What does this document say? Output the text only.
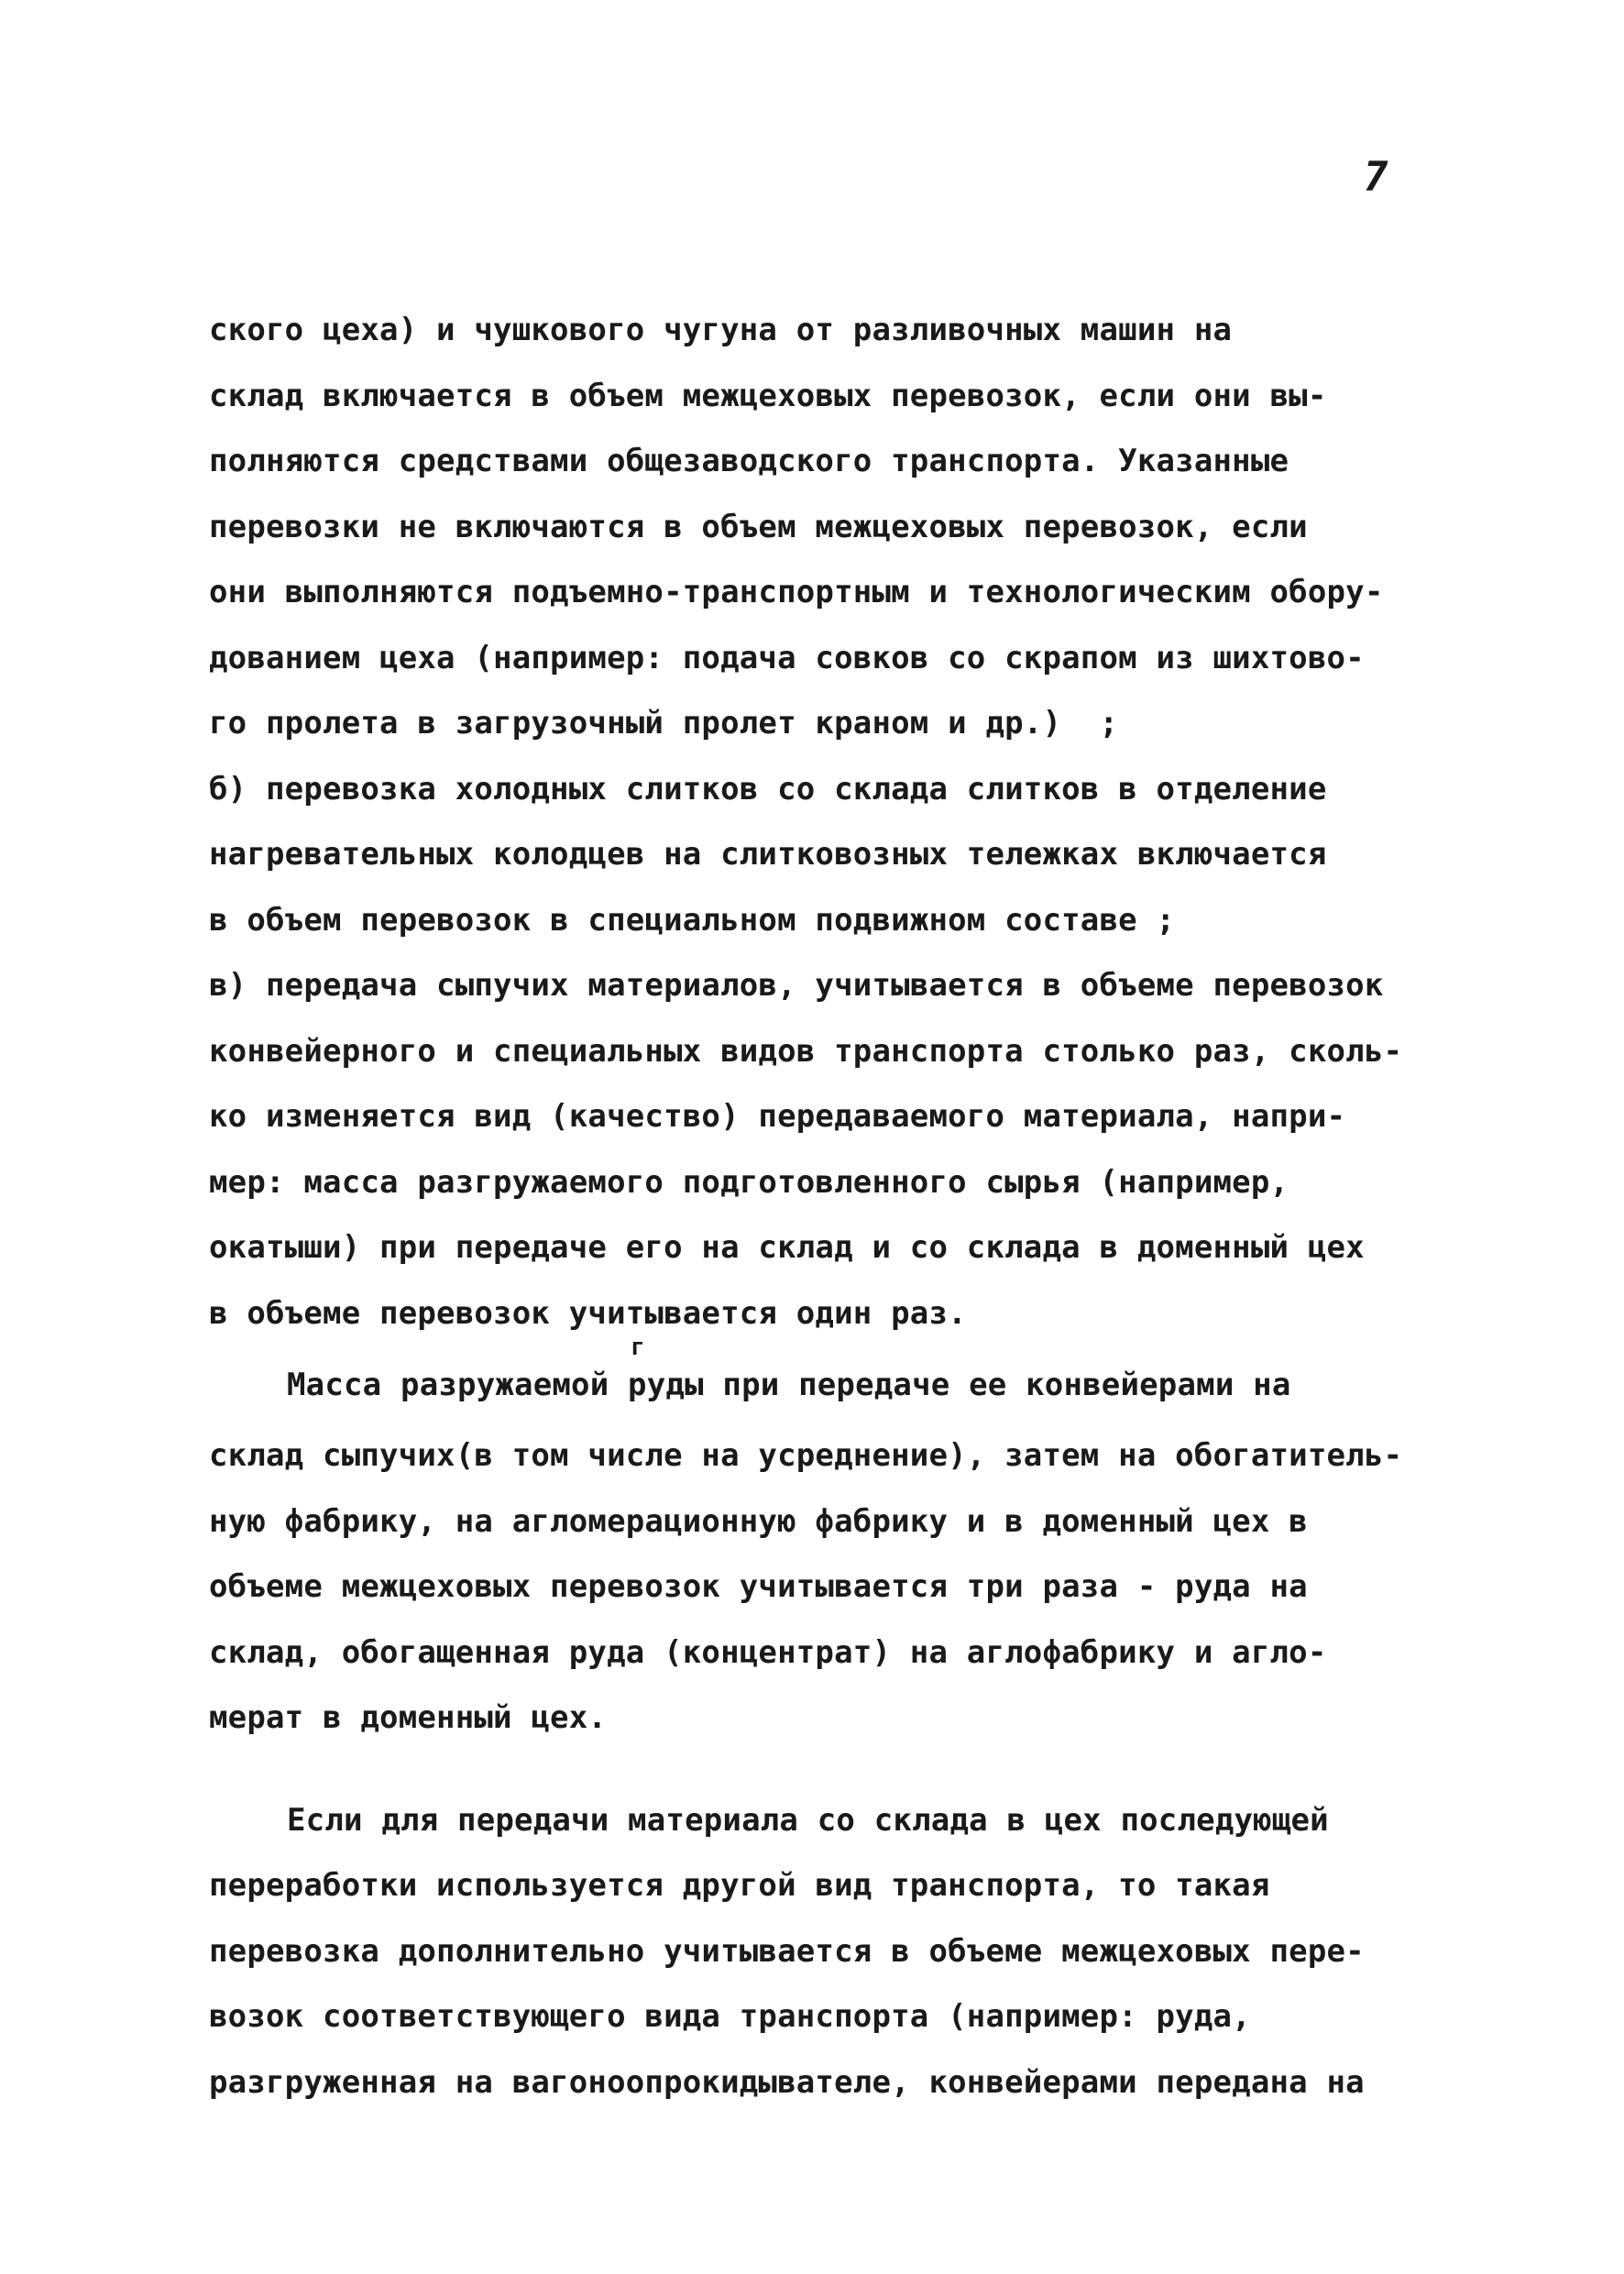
7
ского цеха) и чушкового чугуна от разливочных машин на
склад включается в объем межцеховых перевозок, если они вы-
полняются средствами общезаводского транспорта. Указанные
перевозки не включаются в объем межцеховых перевозок, если
они выполняются подъемно-транспортным и технологическим обору-
дованием цеха (например: подача совков со скрапом из шихтово-
го пролета в загрузочный пролет краном и др.)  ;
б) перевозка холодных слитков со склада слитков в отделение
нагревательных колодцев на слитковозных тележках включается
в объем перевозок в специальном подвижном составе ;
в) передача сыпучих материалов, учитывается в объеме перевозок
конвейерного и специальных видов транспорта столько раз, сколь-
ко изменяется вид (качество) передаваемого материала, напри-
мер: масса разгружаемого подготовленного сырья (например,
окатыши) при передаче его на склад и со склада в доменный цех
в объеме перевозок учитывается один раз.
г
Масса разружаемой руды при передаче ее конвейерами на
склад сыпучих(в том числе на усреднение), затем на обогатитель-
ную фабрику, на агломерационную фабрику и в доменный цех в
объеме межцеховых перевозок учитывается три раза - руда на
склад, обогащенная руда (концентрат) на аглофабрику и агло-
мерат в доменный цех.
Если для передачи материала со склада в цех последующей
переработки используется другой вид транспорта, то такая
перевозка дополнительно учитывается в объеме межцеховых пере-
возок соответствующего вида транспорта (например: руда,
разгруженная на вагоноопрокидывателе, конвейерами передана на
